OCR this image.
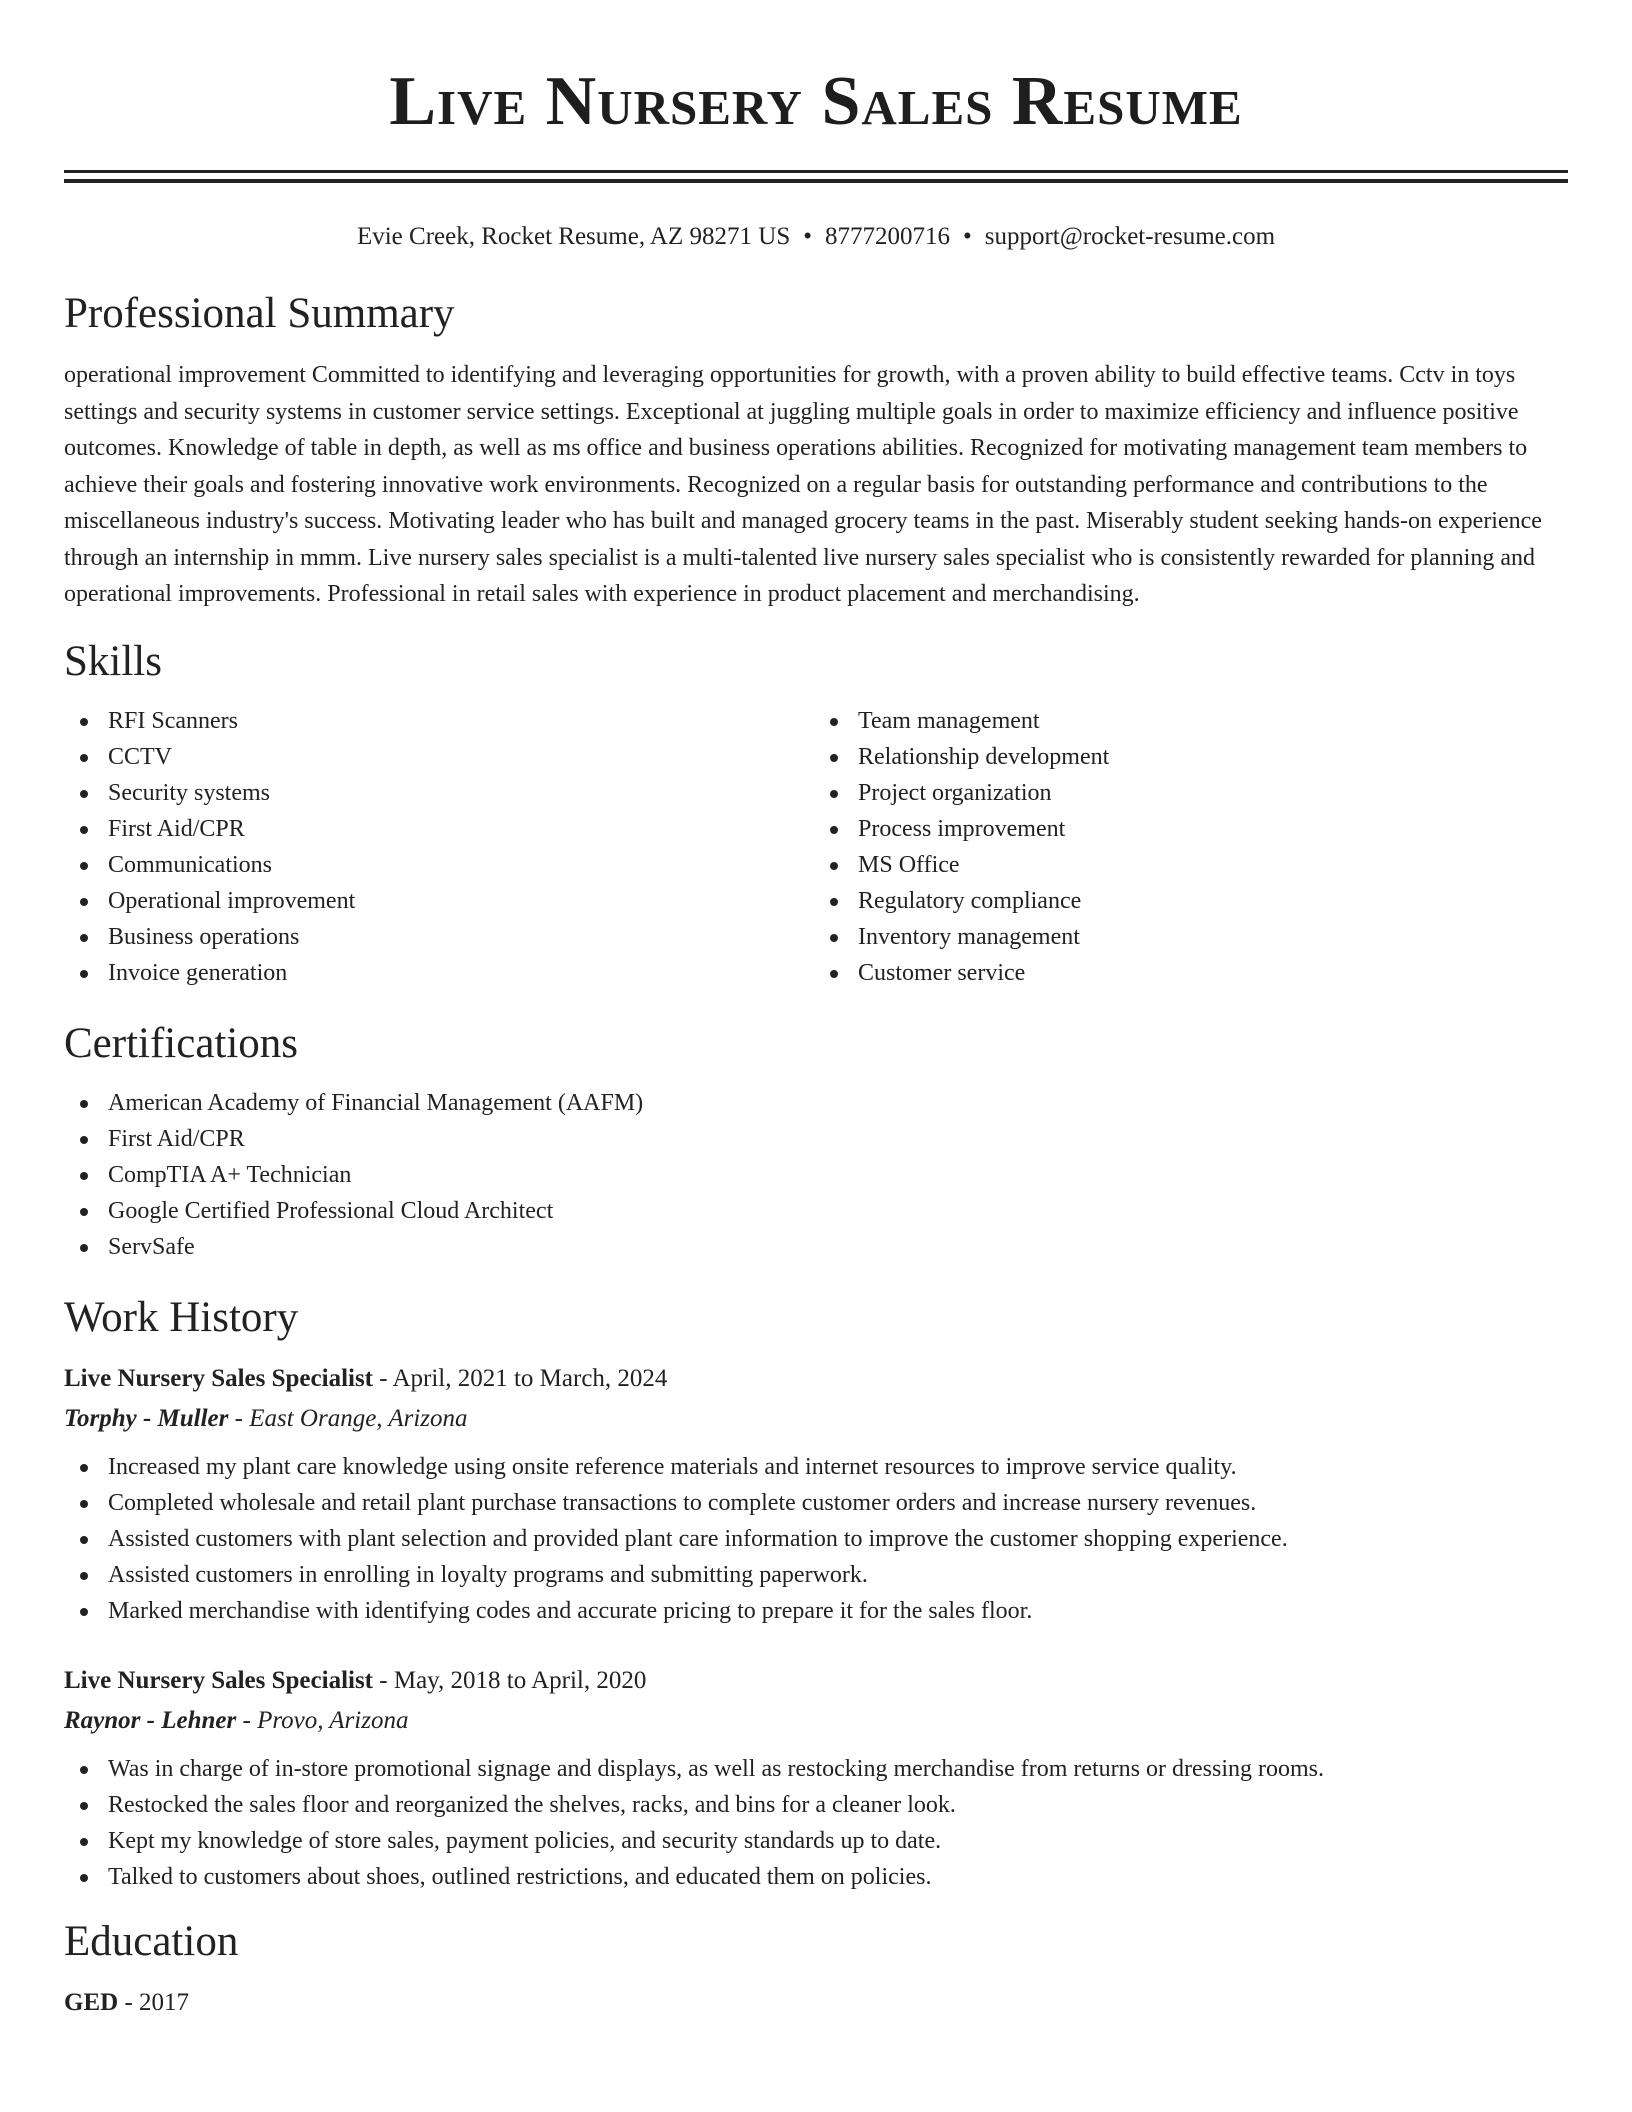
Live Nursery Sales Resume
Evie Creek, Rocket Resume, AZ 98271 US • 8777200716 • support@rocket-resume.com
Professional Summary

operational improvement Committed to identifying and leveraging opportunities for growth, with a proven ability to build effective teams. Cctv in toys settings and security systems in customer service settings. Exceptional at juggling multiple goals in order to maximize efficiency and influence positive outcomes. Knowledge of table in depth, as well as ms office and business operations abilities. Recognized for motivating management team members to achieve their goals and fostering innovative work environments. Recognized on a regular basis for outstanding performance and contributions to the miscellaneous industry's success. Motivating leader who has built and managed grocery teams in the past. Miserably student seeking hands-on experience through an internship in mmm. Live nursery sales specialist is a multi-talented live nursery sales specialist who is consistently rewarded for planning and operational improvements. Professional in retail sales with experience in product placement and merchandising.

Skills
RFI Scanners
CCTV
Security systems
First Aid/CPR
Communications
Operational improvement
Business operations
Invoice generation
Team management
Relationship development
Project organization
Process improvement
MS Office
Regulatory compliance
Inventory management
Customer service
Certifications
American Academy of Financial Management (AAFM)
First Aid/CPR
CompTIA A+ Technician
Google Certified Professional Cloud Architect
ServSafe
Work History
Live Nursery Sales Specialist - April, 2021 to March, 2024
Torphy - Muller - East Orange, Arizona
Increased my plant care knowledge using onsite reference materials and internet resources to improve service quality.
Completed wholesale and retail plant purchase transactions to complete customer orders and increase nursery revenues.
Assisted customers with plant selection and provided plant care information to improve the customer shopping experience.
Assisted customers in enrolling in loyalty programs and submitting paperwork.
Marked merchandise with identifying codes and accurate pricing to prepare it for the sales floor.
Live Nursery Sales Specialist - May, 2018 to April, 2020
Raynor - Lehner - Provo, Arizona
Was in charge of in-store promotional signage and displays, as well as restocking merchandise from returns or dressing rooms.
Restocked the sales floor and reorganized the shelves, racks, and bins for a cleaner look.
Kept my knowledge of store sales, payment policies, and security standards up to date.
Talked to customers about shoes, outlined restrictions, and educated them on policies.
Education
GED - 2017
